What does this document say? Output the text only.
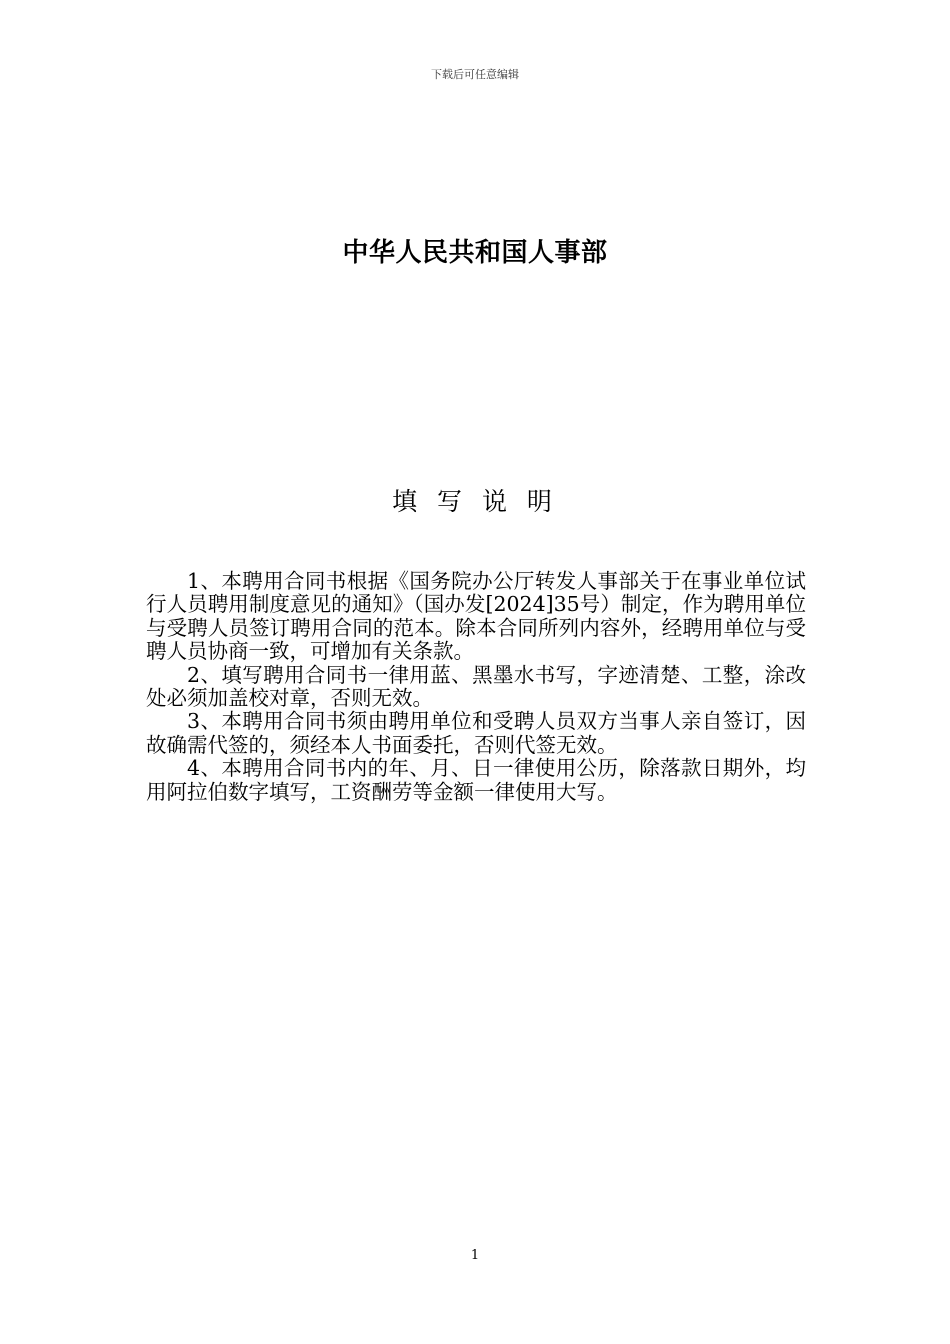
下载后可任意编辑
中华人民共和国人事部
填 写 说 明

1、本聘用合同书根据《国务院办公厅转发人事部关于在事业单位试行人员聘用制度意见的通知》（国办发[2024]35号）制定，作为聘用单位与受聘人员签订聘用合同的范本。除本合同所列内容外，经聘用单位与受聘人员协商一致，可增加有关条款。

2、填写聘用合同书一律用蓝、黑墨水书写，字迹清楚、工整，涂改处必须加盖校对章，否则无效。

3、本聘用合同书须由聘用单位和受聘人员双方当事人亲自签订，因故确需代签的，须经本人书面委托，否则代签无效。

4、本聘用合同书内的年、月、日一律使用公历，除落款日期外，均用阿拉伯数字填写，工资酬劳等金额一律使用大写。

1
